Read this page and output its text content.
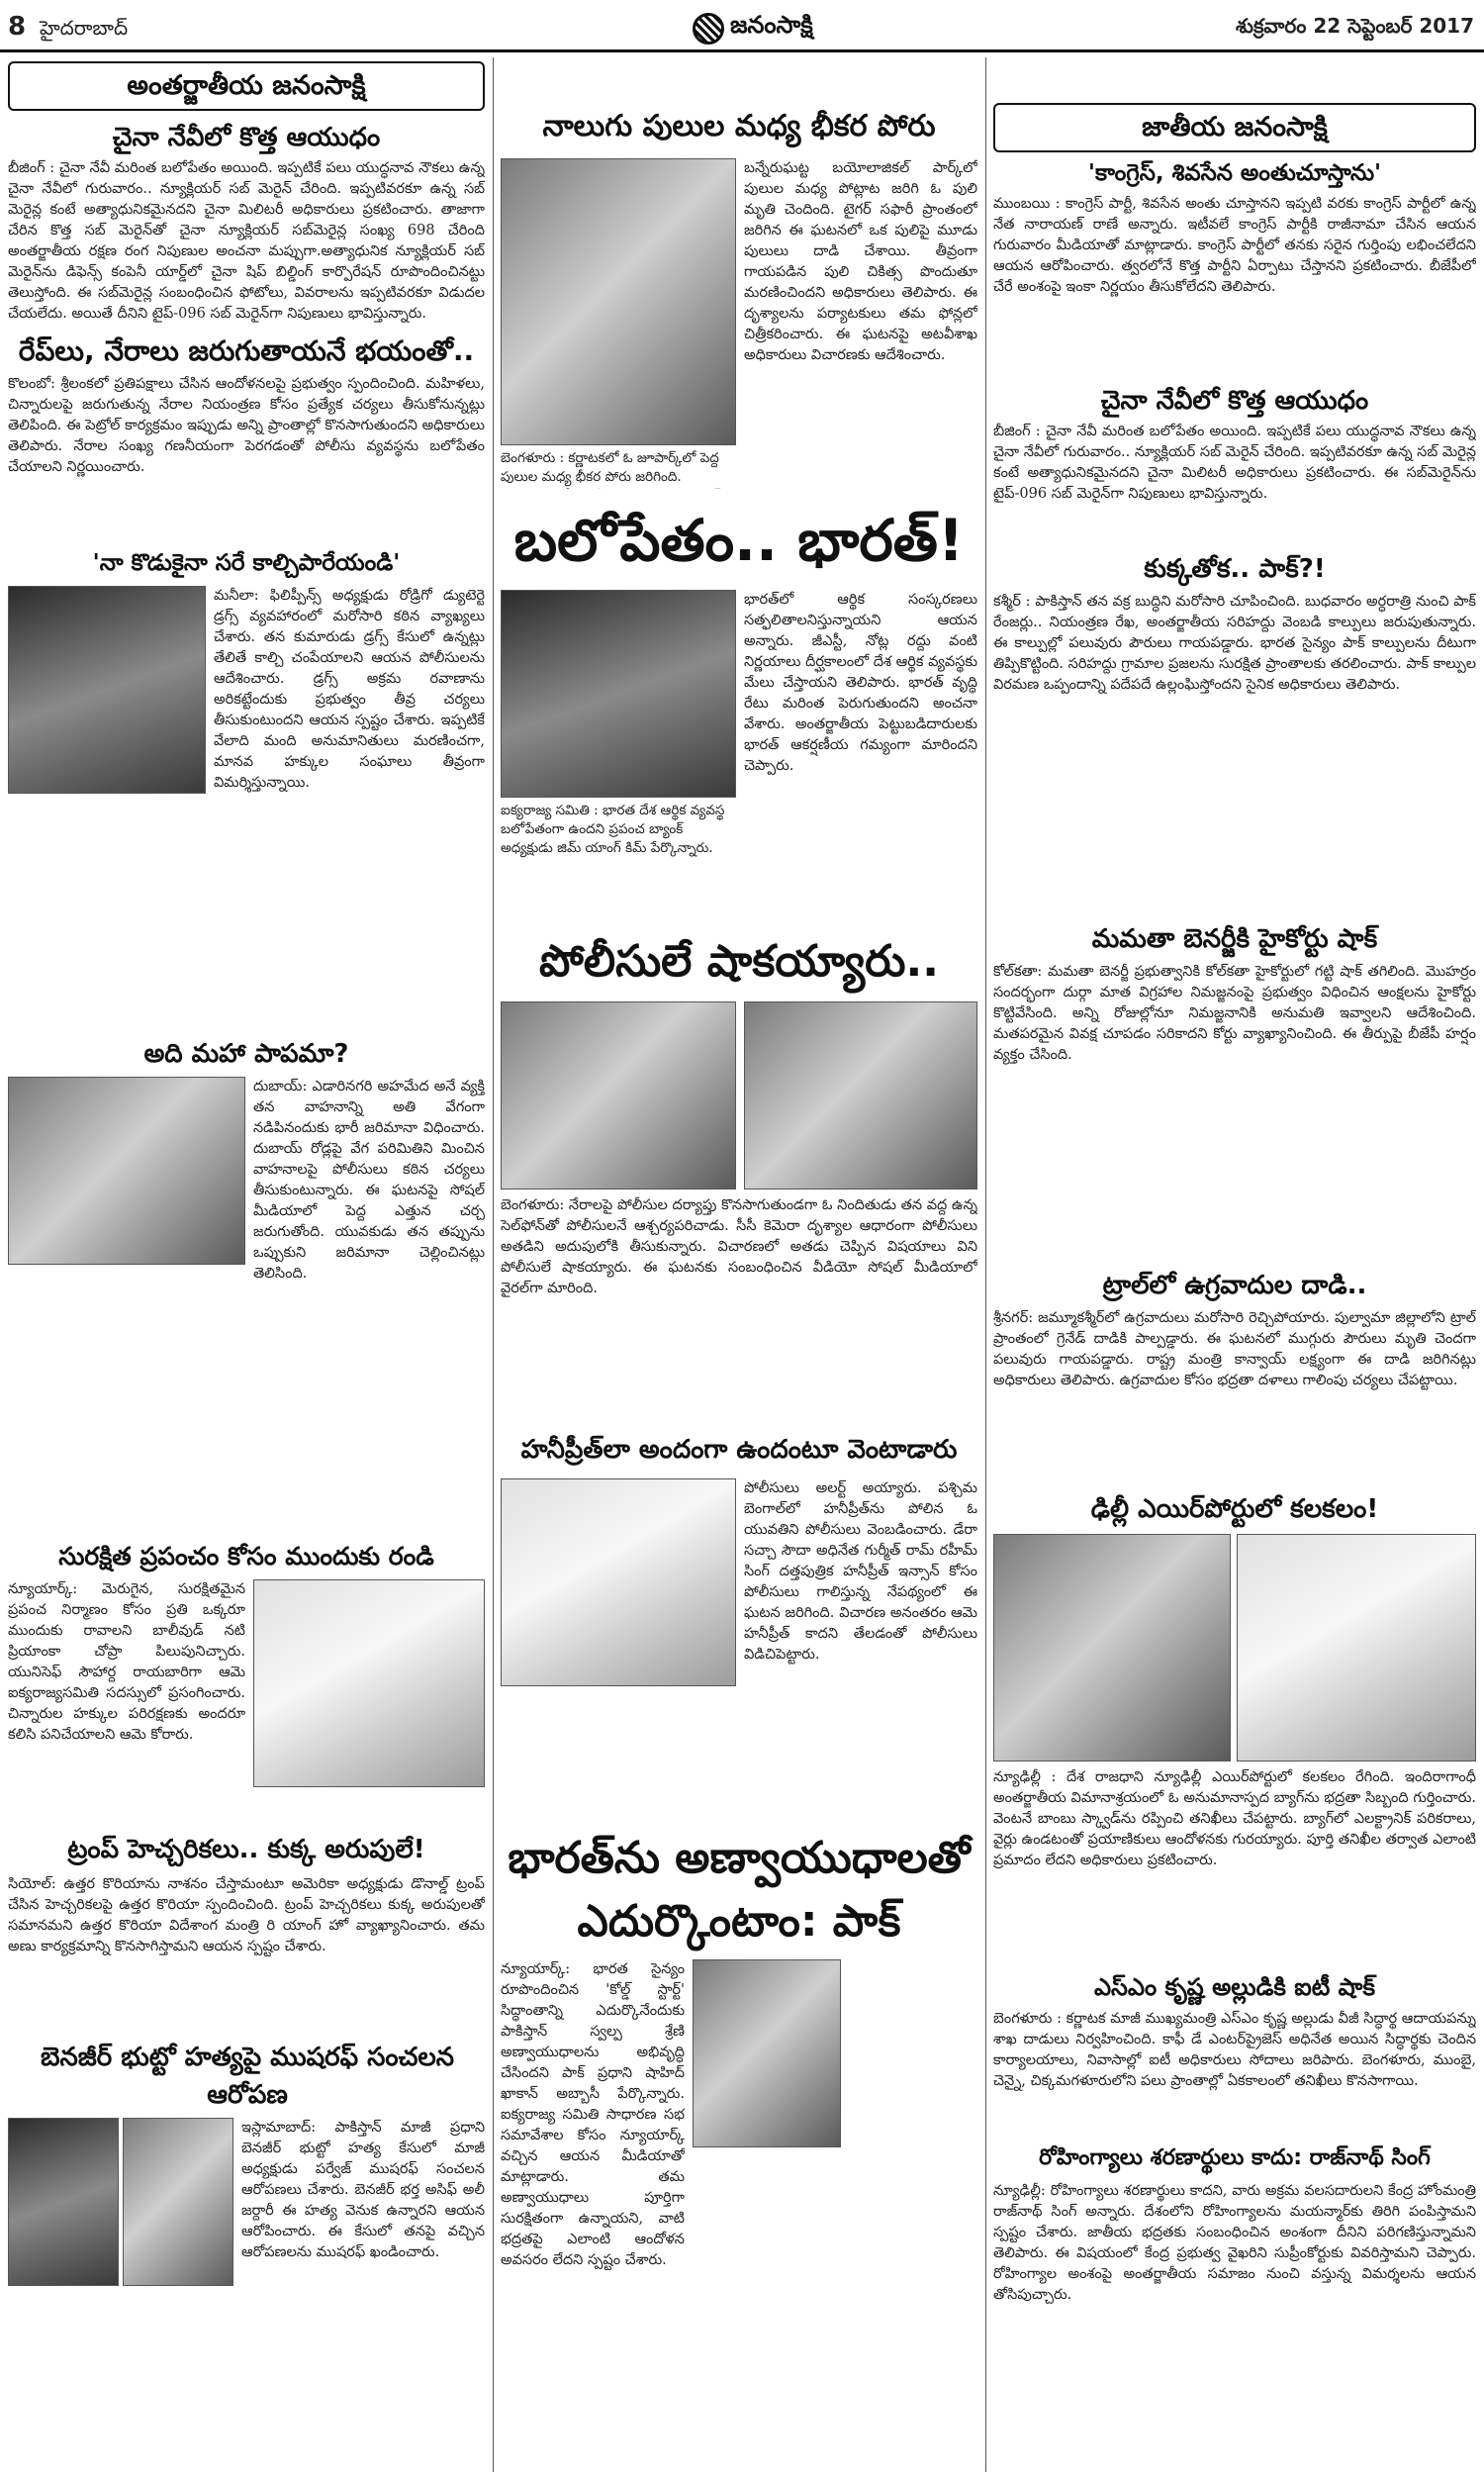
8 హైదరాబాద్	జనంసాక్షి	శుక్రవారం 22 సెప్టెంబర్ 2017
అంతర్జాతీయ జనంసాక్షి
చైనా నేవీలో కొత్త ఆయుధం
బీజింగ్ : చైనా నేవీ మరింత బలోపేతం అయింది. ఇప్పటికే పలు యుద్ధనావ నౌకలు ఉన్న చైనా నేవీలో గురువారం.. న్యూక్లియర్ సబ్ మెరైన్ చేరింది. ఇప్పటివరకూ ఉన్న సబ్ మెరైన్ల కంటే అత్యాధునికమైనదని చైనా మిలిటరీ అధికారులు ప్రకటించారు. తాజాగా చేరిన కొత్త సబ్ మెరైన్‌తో చైనా న్యూక్లియర్ సబ్‌మెరైన్ల సంఖ్య 698 చేరింది అంతర్జాతీయ రక్షణ రంగ నిపుణుల అంచనా మప్పుగా.అత్యాధునిక న్యూక్లియర్ సబ్ మెరైన్‌ను డిఫెన్స్ కంపెనీ యార్డ్‌లో చైనా షిప్ బిల్డింగ్ కార్పొరేషన్ రూపొందించినట్టు తెలుస్తోంది. ఈ సబ్‌మెరైన్ల సంబంధించిన ఫోటోలు, వివరాలను ఇప్పటివరకూ విడుదల చేయలేదు. అయితే దీనిని టైప్-096 సబ్ మెరైన్‌గా నిపుణులు భావిస్తున్నారు.
రేప్‌లు, నేరాలు జరుగుతాయనే భయంతో..
కొలంబో: శ్రీలంకలో ప్రతిపక్షాలు చేసిన ఆందోళనలపై ప్రభుత్వం స్పందించింది. మహిళలు, చిన్నారులపై జరుగుతున్న నేరాల నియంత్రణ కోసం ప్రత్యేక చర్యలు తీసుకోనున్నట్లు తెలిపింది. ఈ పెట్రోల్ కార్యక్రమం ఇప్పుడు అన్ని ప్రాంతాల్లో కొనసాగుతుందని అధికారులు తెలిపారు. నేరాల సంఖ్య గణనీయంగా పెరగడంతో పోలీసు వ్యవస్థను బలోపేతం చేయాలని నిర్ణయించారు.
'నా కొడుకైనా సరే కాల్చిపారేయండి'
మనీలా: ఫిలిప్పీన్స్ అధ్యక్షుడు రోడ్రిగో డ్యుటెర్టె డ్రగ్స్ వ్యవహారంలో మరోసారి కఠిన వ్యాఖ్యలు చేశారు. తన కుమారుడు డ్రగ్స్ కేసులో ఉన్నట్లు తేలితే కాల్చి చంపేయాలని ఆయన పోలీసులను ఆదేశించారు. డ్రగ్స్ అక్రమ రవాణాను అరికట్టేందుకు ప్రభుత్వం తీవ్ర చర్యలు తీసుకుంటుందని ఆయన స్పష్టం చేశారు. ఇప్పటికే వేలాది మంది అనుమానితులు మరణించగా, మానవ హక్కుల సంఘాలు తీవ్రంగా విమర్శిస్తున్నాయి.
అది మహా పాపమా?
దుబాయ్: ఎడారినగరి అహమేద అనే వ్యక్తి తన వాహనాన్ని అతి వేగంగా నడిపినందుకు భారీ జరిమానా విధించారు. దుబాయ్ రోడ్లపై వేగ పరిమితిని మించిన వాహనాలపై పోలీసులు కఠిన చర్యలు తీసుకుంటున్నారు. ఈ ఘటనపై సోషల్ మీడియాలో పెద్ద ఎత్తున చర్చ జరుగుతోంది. యువకుడు తన తప్పును ఒప్పుకుని జరిమానా చెల్లించినట్లు తెలిసింది.
సురక్షిత ప్రపంచం కోసం ముందుకు రండి
న్యూయార్క్: మెరుగైన, సురక్షితమైన ప్రపంచ నిర్మాణం కోసం ప్రతి ఒక్కరూ ముందుకు రావాలని బాలీవుడ్ నటి ప్రియాంకా చోప్రా పిలుపునిచ్చారు. యునిసెఫ్ సౌహార్ద రాయబారిగా ఆమె ఐక్యరాజ్యసమితి సదస్సులో ప్రసంగించారు. చిన్నారుల హక్కుల పరిరక్షణకు అందరూ కలిసి పనిచేయాలని ఆమె కోరారు.
ట్రంప్ హెచ్చరికలు.. కుక్క అరుపులే!
సియోల్: ఉత్తర కొరియాను నాశనం చేస్తామంటూ అమెరికా అధ్యక్షుడు డొనాల్డ్ ట్రంప్ చేసిన హెచ్చరికలపై ఉత్తర కొరియా స్పందించింది. ట్రంప్ హెచ్చరికలు కుక్క అరుపులతో సమానమని ఉత్తర కొరియా విదేశాంగ మంత్రి రి యాంగ్ హో వ్యాఖ్యానించారు. తమ అణు కార్యక్రమాన్ని కొనసాగిస్తామని ఆయన స్పష్టం చేశారు.
బెనజీర్ భుట్టో హత్యపై ముషరఫ్ సంచలన ఆరోపణ
ఇస్లామాబాద్: పాకిస్తాన్ మాజీ ప్రధాని బెనజీర్ భుట్టో హత్య కేసులో మాజీ అధ్యక్షుడు పర్వేజ్ ముషరఫ్ సంచలన ఆరోపణలు చేశారు. బెనజీర్ భర్త అసిఫ్ అలీ జర్దారీ ఈ హత్య వెనుక ఉన్నారని ఆయన ఆరోపించారు. ఈ కేసులో తనపై వచ్చిన ఆరోపణలను ముషరఫ్ ఖండించారు.
నాలుగు పులుల మధ్య భీకర పోరు
బెంగళూరు : కర్ణాటకలో ఓ జూపార్క్‌లో పెద్ద పులుల మధ్య భీకర పోరు జరిగింది.
బన్నేరుఘట్ట బయోలాజికల్ పార్క్‌లో పులుల మధ్య పోట్లాట జరిగి ఓ పులి మృతి చెందింది. టైగర్ సఫారీ ప్రాంతంలో జరిగిన ఈ ఘటనలో ఒక పులిపై మూడు పులులు దాడి చేశాయి. తీవ్రంగా గాయపడిన పులి చికిత్స పొందుతూ మరణించిందని అధికారులు తెలిపారు. ఈ దృశ్యాలను పర్యాటకులు తమ ఫోన్లలో చిత్రీకరించారు. ఈ ఘటనపై అటవీశాఖ అధికారులు విచారణకు ఆదేశించారు.
బలోపేతం.. భారత్!
ఐక్యరాజ్య సమితి : భారత దేశ ఆర్థిక వ్యవస్థ బలోపేతంగా ఉందని ప్రపంచ బ్యాంక్ అధ్యక్షుడు జిమ్ యాంగ్ కిమ్ పేర్కొన్నారు.
భారత్‌లో ఆర్థిక సంస్కరణలు సత్ఫలితాలనిస్తున్నాయని ఆయన అన్నారు. జీఎస్టీ, నోట్ల రద్దు వంటి నిర్ణయాలు దీర్ఘకాలంలో దేశ ఆర్థిక వ్యవస్థకు మేలు చేస్తాయని తెలిపారు. భారత్ వృద్ధి రేటు మరింత పెరుగుతుందని అంచనా వేశారు. అంతర్జాతీయ పెట్టుబడిదారులకు భారత్ ఆకర్షణీయ గమ్యంగా మారిందని చెప్పారు.
పోలీసులే షాకయ్యారు..
బెంగళూరు: నేరాలపై పోలీసుల దర్యాప్తు కొనసాగుతుండగా ఓ నిందితుడు తన వద్ద ఉన్న సెల్‌ఫోన్‌తో పోలీసులనే ఆశ్చర్యపరిచాడు. సీసీ కెమెరా దృశ్యాల ఆధారంగా పోలీసులు అతడిని అదుపులోకి తీసుకున్నారు. విచారణలో అతడు చెప్పిన విషయాలు విని పోలీసులే షాకయ్యారు. ఈ ఘటనకు సంబంధించిన వీడియో సోషల్ మీడియాలో వైరల్‌గా మారింది.
హనీప్రీత్‌లా అందంగా ఉందంటూ వెంటాడారు
పోలీసులు అలర్ట్ అయ్యారు. పశ్చిమ బెంగాల్‌లో హనీప్రీత్‌ను పోలిన ఓ యువతిని పోలీసులు వెంబడించారు. డేరా సచ్చా సౌదా అధినేత గుర్మీత్ రామ్ రహీమ్ సింగ్ దత్తపుత్రిక హనీప్రీత్ ఇన్సాన్ కోసం పోలీసులు గాలిస్తున్న నేపథ్యంలో ఈ ఘటన జరిగింది. విచారణ అనంతరం ఆమె హనీప్రీత్ కాదని తేలడంతో పోలీసులు విడిచిపెట్టారు.
భారత్‌ను అణ్వాయుధాలతో ఎదుర్కొంటాం: పాక్
న్యూయార్క్: భారత సైన్యం రూపొందించిన 'కోల్డ్ స్టార్ట్' సిద్ధాంతాన్ని ఎదుర్కొనేందుకు పాకిస్తాన్ స్వల్ప శ్రేణి అణ్వాయుధాలను అభివృద్ధి చేసిందని పాక్ ప్రధాని షాహిద్ ఖాకాన్ అబ్బాసీ పేర్కొన్నారు. ఐక్యరాజ్య సమితి సాధారణ సభ సమావేశాల కోసం న్యూయార్క్ వచ్చిన ఆయన మీడియాతో మాట్లాడారు. తమ అణ్వాయుధాలు పూర్తిగా సురక్షితంగా ఉన్నాయని, వాటి భద్రతపై ఎలాంటి ఆందోళన అవసరం లేదని స్పష్టం చేశారు.
జాతీయ జనంసాక్షి
'కాంగ్రెస్, శివసేన అంతుచూస్తాను'
ముంబయి : కాంగ్రెస్ పార్టీ, శివసేన అంతు చూస్తానని ఇప్పటి వరకు కాంగ్రెస్ పార్టీలో ఉన్న నేత నారాయణ్ రాణే అన్నారు. ఇటీవలే కాంగ్రెస్ పార్టీకి రాజీనామా చేసిన ఆయన గురువారం మీడియాతో మాట్లాడారు. కాంగ్రెస్ పార్టీలో తనకు సరైన గుర్తింపు లభించలేదని ఆయన ఆరోపించారు. త్వరలోనే కొత్త పార్టీని ఏర్పాటు చేస్తానని ప్రకటించారు. బీజేపీలో చేరే అంశంపై ఇంకా నిర్ణయం తీసుకోలేదని తెలిపారు.
చైనా నేవీలో కొత్త ఆయుధం
బీజింగ్ : చైనా నేవీ మరింత బలోపేతం అయింది. ఇప్పటికే పలు యుద్ధనావ నౌకలు ఉన్న చైనా నేవీలో గురువారం.. న్యూక్లియర్ సబ్ మెరైన్ చేరింది. ఇప్పటివరకూ ఉన్న సబ్ మెరైన్ల కంటే అత్యాధునికమైనదని చైనా మిలిటరీ అధికారులు ప్రకటించారు. ఈ సబ్‌మెరైన్‌ను టైప్-096 సబ్ మెరైన్‌గా నిపుణులు భావిస్తున్నారు.
కుక్కతోక.. పాక్?!
కశ్మీర్ : పాకిస్తాన్ తన వక్ర బుద్ధిని మరోసారి చూపించింది. బుధవారం అర్ధరాత్రి నుంచి పాక్ రేంజర్లు.. నియంత్రణ రేఖ, అంతర్జాతీయ సరిహద్దు వెంబడి కాల్పులు జరుపుతున్నారు. ఈ కాల్పుల్లో పలువురు పౌరులు గాయపడ్డారు. భారత సైన్యం పాక్ కాల్పులను దీటుగా తిప్పికొట్టింది. సరిహద్దు గ్రామాల ప్రజలను సురక్షిత ప్రాంతాలకు తరలించారు. పాక్ కాల్పుల విరమణ ఒప్పందాన్ని పదేపదే ఉల్లంఘిస్తోందని సైనిక అధికారులు తెలిపారు.
మమతా బెనర్జీకి హైకోర్టు షాక్
కోల్‌కతా: మమతా బెనర్జీ ప్రభుత్వానికి కోల్‌కతా హైకోర్టులో గట్టి షాక్ తగిలింది. మొహర్రం సందర్భంగా దుర్గా మాత విగ్రహాల నిమజ్జనంపై ప్రభుత్వం విధించిన ఆంక్షలను హైకోర్టు కొట్టివేసింది. అన్ని రోజుల్లోనూ నిమజ్జనానికి అనుమతి ఇవ్వాలని ఆదేశించింది. మతపరమైన వివక్ష చూపడం సరికాదని కోర్టు వ్యాఖ్యానించింది. ఈ తీర్పుపై బీజేపీ హర్షం వ్యక్తం చేసింది.
ట్రాల్‌లో ఉగ్రవాదుల దాడి..
శ్రీనగర్: జమ్మూకశ్మీర్‌లో ఉగ్రవాదులు మరోసారి రెచ్చిపోయారు. పుల్వామా జిల్లాలోని ట్రాల్ ప్రాంతంలో గ్రెనేడ్ దాడికి పాల్పడ్డారు. ఈ ఘటనలో ముగ్గురు పౌరులు మృతి చెందగా పలువురు గాయపడ్డారు. రాష్ట్ర మంత్రి కాన్వాయ్ లక్ష్యంగా ఈ దాడి జరిగినట్లు అధికారులు తెలిపారు. ఉగ్రవాదుల కోసం భద్రతా దళాలు గాలింపు చర్యలు చేపట్టాయి.
ఢిల్లీ ఎయిర్‌పోర్టులో కలకలం!
న్యూఢిల్లీ : దేశ రాజధాని న్యూఢిల్లీ ఎయిర్‌పోర్టులో కలకలం రేగింది. ఇందిరాగాంధీ అంతర్జాతీయ విమానాశ్రయంలో ఓ అనుమానాస్పద బ్యాగ్‌ను భద్రతా సిబ్బంది గుర్తించారు. వెంటనే బాంబు స్క్వాడ్‌ను రప్పించి తనిఖీలు చేపట్టారు. బ్యాగ్‌లో ఎలక్ట్రానిక్ పరికరాలు, వైర్లు ఉండటంతో ప్రయాణికులు ఆందోళనకు గురయ్యారు. పూర్తి తనిఖీల తర్వాత ఎలాంటి ప్రమాదం లేదని అధికారులు ప్రకటించారు.
ఎస్‌ఎం కృష్ణ అల్లుడికి ఐటీ షాక్
బెంగళూరు : కర్ణాటక మాజీ ముఖ్యమంత్రి ఎస్‌ఎం కృష్ణ అల్లుడు వీజీ సిద్ధార్థ ఆదాయపన్ను శాఖ దాడులు నిర్వహించింది. కాఫీ డే ఎంటర్‌ప్రైజెస్ అధినేత అయిన సిద్ధార్థకు చెందిన కార్యాలయాలు, నివాసాల్లో ఐటీ అధికారులు సోదాలు జరిపారు. బెంగళూరు, ముంబై, చెన్నై, చిక్కమగళూరులోని పలు ప్రాంతాల్లో ఏకకాలంలో తనిఖీలు కొనసాగాయి.
రోహింగ్యాలు శరణార్థులు కాదు: రాజ్‌నాథ్ సింగ్
న్యూఢిల్లీ: రోహింగ్యాలు శరణార్థులు కాదని, వారు అక్రమ వలసదారులని కేంద్ర హోంమంత్రి రాజ్‌నాథ్ సింగ్ అన్నారు. దేశంలోని రోహింగ్యాలను మయన్మార్‌కు తిరిగి పంపిస్తామని స్పష్టం చేశారు. జాతీయ భద్రతకు సంబంధించిన అంశంగా దీనిని పరిగణిస్తున్నామని తెలిపారు. ఈ విషయంలో కేంద్ర ప్రభుత్వ వైఖరిని సుప్రీంకోర్టుకు వివరిస్తామని చెప్పారు. రోహింగ్యాల అంశంపై అంతర్జాతీయ సమాజం నుంచి వస్తున్న విమర్శలను ఆయన తోసిపుచ్చారు.
